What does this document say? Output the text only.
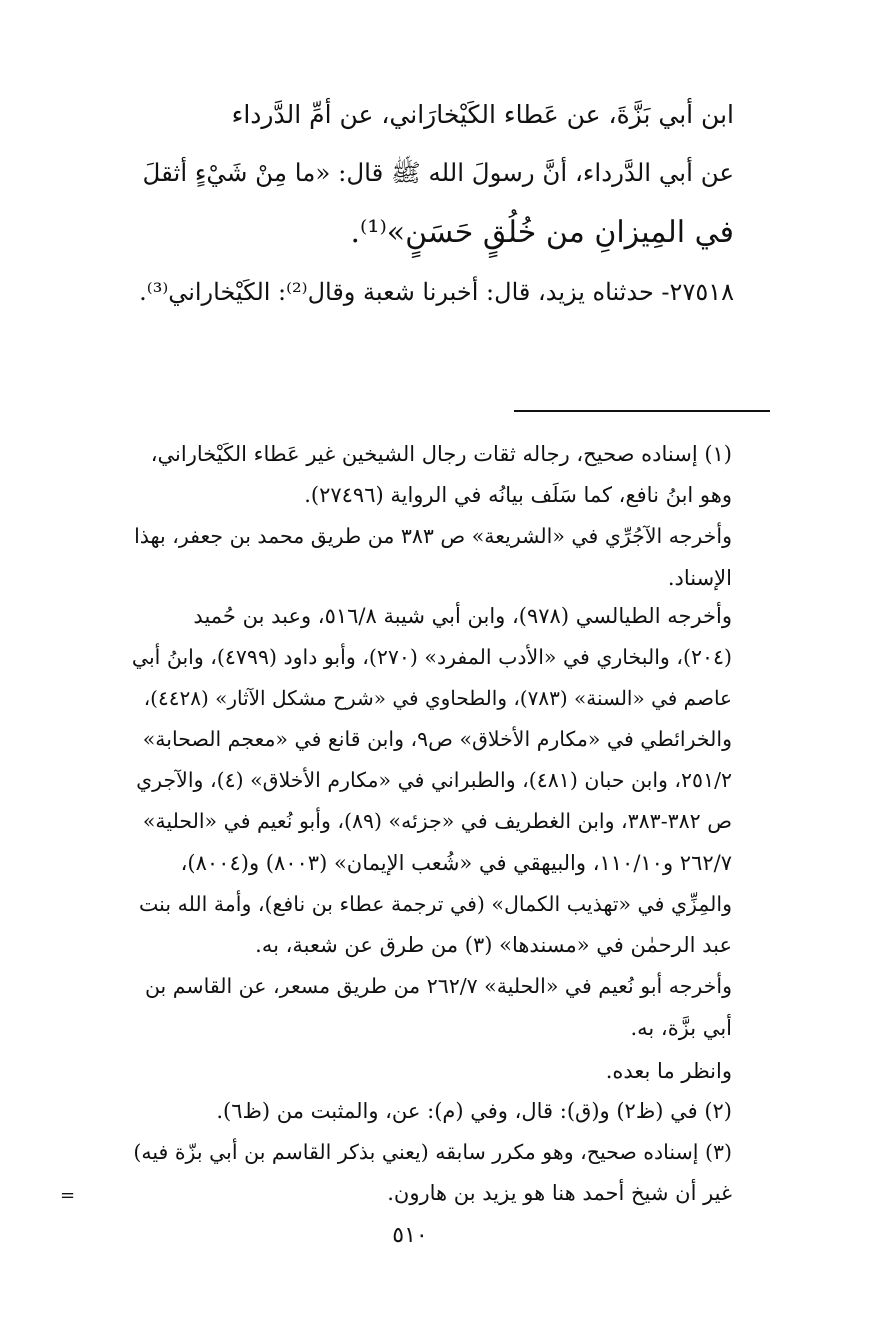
ابن أبي بَزَّةَ، عن عَطاء الكَيْخارَاني، عن أمِّ الدَّرداء

عن أبي الدَّرداء، أنَّ رسولَ الله ﷺ قال: «ما مِنْ شَيْءٍ أثقلَ

في المِيزانِ من خُلُقٍ حَسَنٍ»⁽¹⁾.

٢٧٥١٨- حدثناه يزيد، قال: أخبرنا شعبة وقال⁽²⁾: الكَيْخاراني⁽³⁾.

(١) إسناده صحيح، رجاله ثقات رجال الشيخين غير عَطاء الكَيْخاراني،

وهو ابنُ نافع، كما سَلَف بيانُه في الرواية (٢٧٤٩٦).

وأخرجه الآجُرِّي في «الشريعة» ص ٣٨٣ من طريق محمد بن جعفر، بهذا

الإسناد.

وأخرجه الطيالسي (٩٧٨)، وابن أبي شيبة ٥١٦/٨، وعبد بن حُميد

(٢٠٤)، والبخاري في «الأدب المفرد» (٢٧٠)، وأبو داود (٤٧٩٩)، وابنُ أبي

عاصم في «السنة» (٧٨٣)، والطحاوي في «شرح مشكل الآثار» (٤٤٢٨)،

والخرائطي في «مكارم الأخلاق» ص٩، وابن قانع في «معجم الصحابة»

٢٥١/٢، وابن حبان (٤٨١)، والطبراني في «مكارم الأخلاق» (٤)، والآجري

ص ٣٨٢-٣٨٣، وابن الغطريف في «جزئه» (٨٩)، وأبو نُعيم في «الحلية»

٢٦٢/٧ و١١٠/١٠، والبيهقي في «شُعب الإيمان» (٨٠٠٣) و(٨٠٠٤)،

والمِزِّي في «تهذيب الكمال» (في ترجمة عطاء بن نافع)، وأمة الله بنت

عبد الرحمٰن في «مسندها» (٣) من طرق عن شعبة، به.

وأخرجه أبو نُعيم في «الحلية» ٢٦٢/٧ من طريق مسعر، عن القاسم بن

أبي بزَّة، به.

وانظر ما بعده.

(٢) في (ظ٢) و(ق): قال، وفي (م): عن، والمثبت من (ظ٦).

(٣) إسناده صحيح، وهو مكرر سابقه (يعني بذكر القاسم بن أبي بزّة فيه)

غير أن شيخ أحمد هنا هو يزيد بن هارون.

=
٥١٠
